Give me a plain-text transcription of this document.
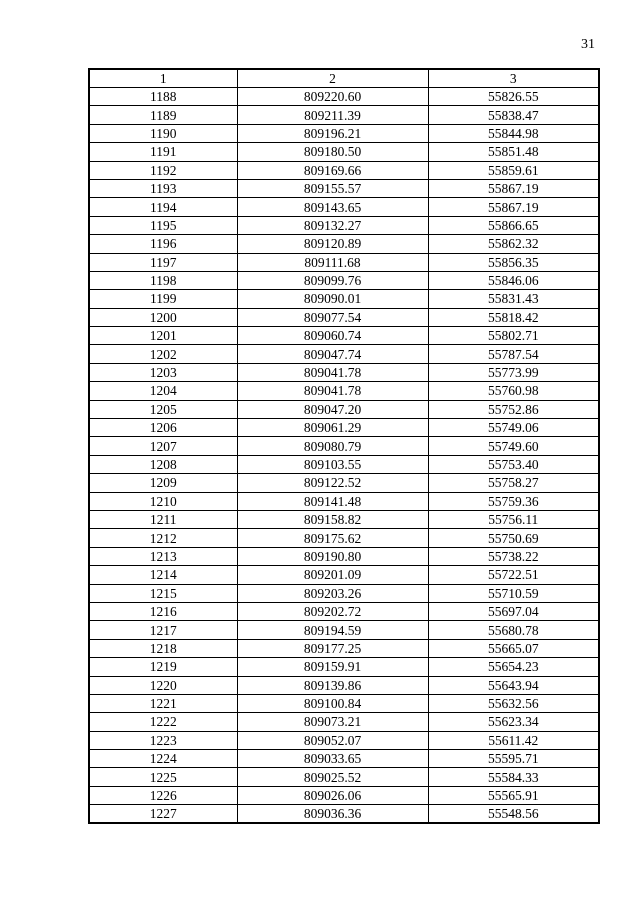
31
1	2	3
1188	809220.60	55826.55
1189	809211.39	55838.47
1190	809196.21	55844.98
1191	809180.50	55851.48
1192	809169.66	55859.61
1193	809155.57	55867.19
1194	809143.65	55867.19
1195	809132.27	55866.65
1196	809120.89	55862.32
1197	809111.68	55856.35
1198	809099.76	55846.06
1199	809090.01	55831.43
1200	809077.54	55818.42
1201	809060.74	55802.71
1202	809047.74	55787.54
1203	809041.78	55773.99
1204	809041.78	55760.98
1205	809047.20	55752.86
1206	809061.29	55749.06
1207	809080.79	55749.60
1208	809103.55	55753.40
1209	809122.52	55758.27
1210	809141.48	55759.36
1211	809158.82	55756.11
1212	809175.62	55750.69
1213	809190.80	55738.22
1214	809201.09	55722.51
1215	809203.26	55710.59
1216	809202.72	55697.04
1217	809194.59	55680.78
1218	809177.25	55665.07
1219	809159.91	55654.23
1220	809139.86	55643.94
1221	809100.84	55632.56
1222	809073.21	55623.34
1223	809052.07	55611.42
1224	809033.65	55595.71
1225	809025.52	55584.33
1226	809026.06	55565.91
1227	809036.36	55548.56
